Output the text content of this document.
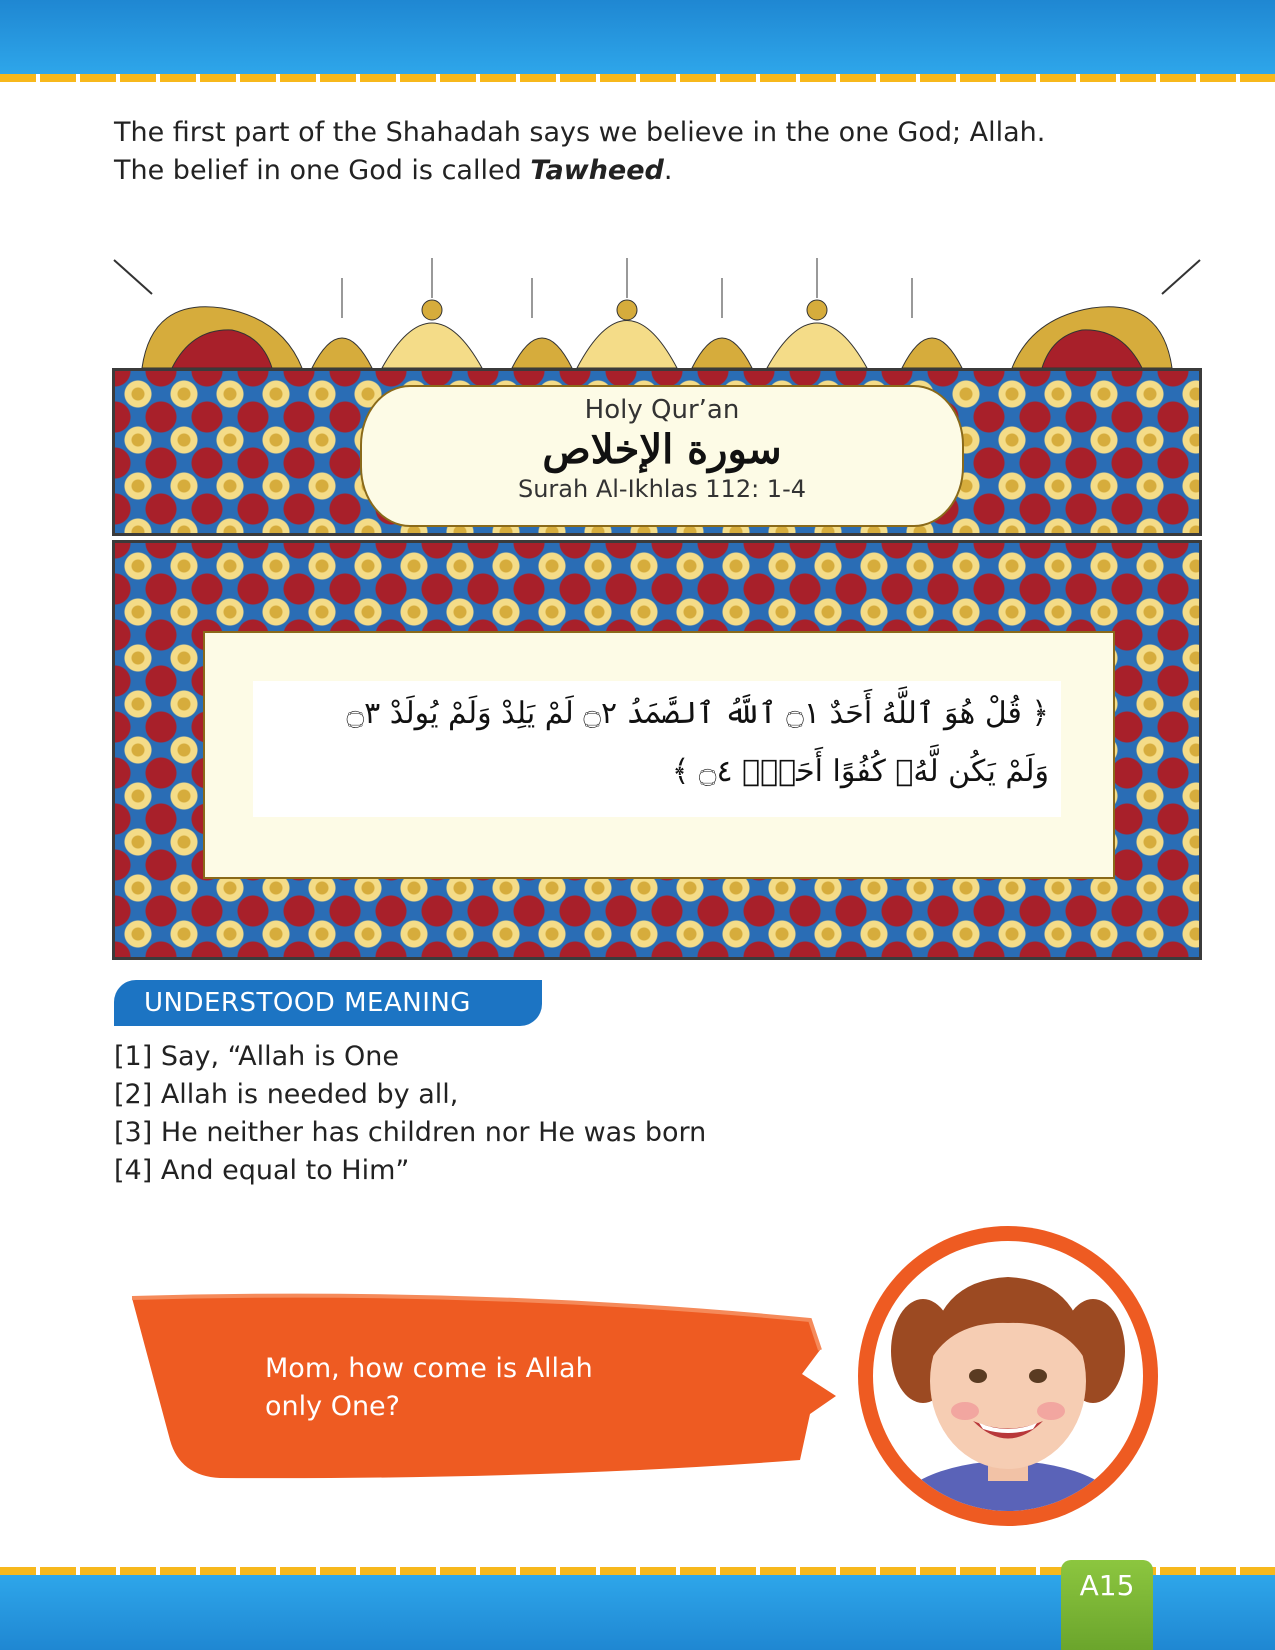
The first part of the Shahadah says we believe in the one God; Allah.
The belief in one God is called Tawheed.
Holy Qur’an
سورة الإخلاص
Surah Al-Ikhlas 112: 1-4
﴿ قُلْ هُوَ ٱللَّهُ أَحَدٌ ۝١ ٱللَّهُ ٱلصَّمَدُ ۝٢ لَمْ يَلِدْ وَلَمْ يُولَدْ ۝٣
وَلَمْ يَكُن لَّهُۥ كُفُوًا أَحَدٌۢ ۝٤ ﴾
UNDERSTOOD MEANING
[1] Say, “Allah is One
[2] Allah is needed by all,
[3] He neither has children nor He was born
[4] And equal to Him”
Mom, how come is Allah
only One?
A15
